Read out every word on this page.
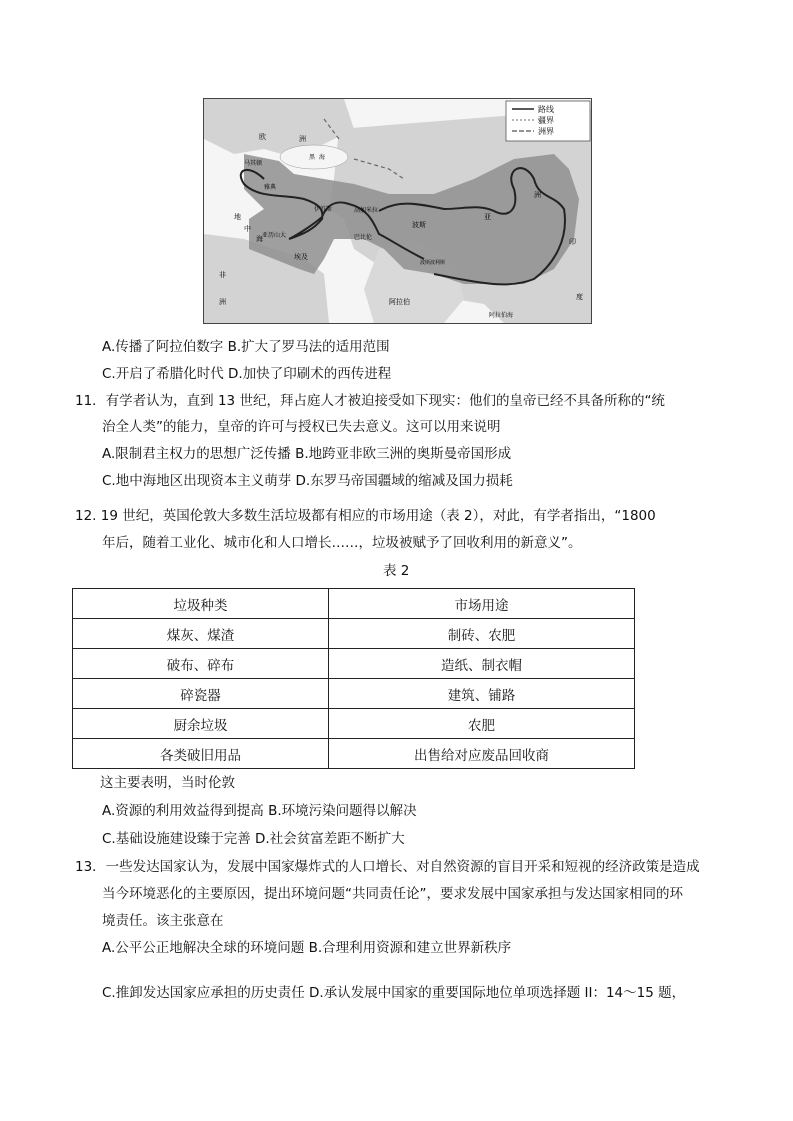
路线
疆界
洲界
欧	洲
马其顿
雅典
地
中
海 亚历山大
埃及
非
洲
伊苏斯	高加米拉
巴比伦
波斯
波斯波利斯
亚
洲
阿拉伯
阿拉伯海
印
度
黑 海
A.传播了阿拉伯数字 B.扩大了罗马法的适用范围
C.开启了希腊化时代 D.加快了印刷术的西传进程
11．有学者认为，直到 13 世纪，拜占庭人才被迫接受如下现实：他们的皇帝已经不具备所称的“统
治全人类”的能力，皇帝的许可与授权已失去意义。这可以用来说明
A.限制君主权力的思想广泛传播 B.地跨亚非欧三洲的奥斯曼帝国形成
C.地中海地区出现资本主义萌芽 D.东罗马帝国疆域的缩减及国力损耗
12. 19 世纪，英国伦敦大多数生活垃圾都有相应的市场用途（表 2），对此，有学者指出，“1800
年后，随着工业化、城市化和人口增长……，垃圾被赋予了回收利用的新意义”。
表 2
垃圾种类	市场用途
煤灰、煤渣	制砖、农肥
破布、碎布	造纸、制衣帽
碎瓷器	建筑、铺路
厨余垃圾	农肥
各类破旧用品	出售给对应废品回收商
这主要表明，当时伦敦
A.资源的利用效益得到提高 B.环境污染问题得以解决
C.基础设施建设臻于完善 D.社会贫富差距不断扩大
13．一些发达国家认为，发展中国家爆炸式的人口增长、对自然资源的盲目开采和短视的经济政策是造成
当今环境恶化的主要原因，提出环境问题“共同责任论”，要求发展中国家承担与发达国家相同的环
境责任。该主张意在
A.公平公正地解决全球的环境问题 B.合理利用资源和建立世界新秩序
C.推卸发达国家应承担的历史责任 D.承认发展中国家的重要国际地位单项选择题 II：14～15 题，
